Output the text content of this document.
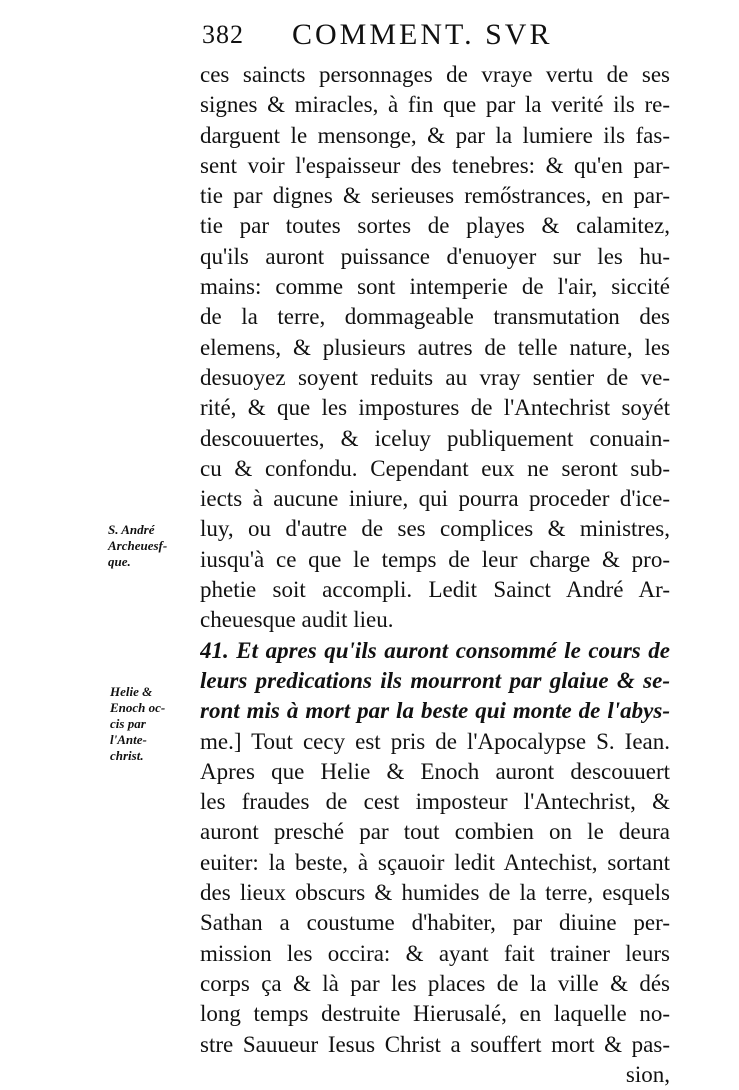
382 COMMENT. SVR
ces saincts personnages de vraye vertu de ses
signes & miracles, à fin que par la verité ils re-
darguent le mensonge, & par la lumiere ils fas-
sent voir l'espaisseur des tenebres: & qu'en par-
tie par dignes & serieuses remőstrances, en par-
tie par toutes sortes de playes & calamitez,
qu'ils auront puissance d'enuoyer sur les hu-
mains: comme sont intemperie de l'air, siccité
de la terre, dommageable transmutation des
elemens, & plusieurs autres de telle nature, les
desuoyez soyent reduits au vray sentier de ve-
rité, & que les impostures de l'Antechrist soyét
descouuertes, & iceluy publiquement conuain-
cu & confondu. Cependant eux ne seront sub-
iects à aucune iniure, qui pourra proceder d'ice-
luy, ou d'autre de ses complices & ministres,
iusqu'à ce que le temps de leur charge & pro-
phetie soit accompli. Ledit Sainct André Ar-
cheuesque audit lieu.
41. Et apres qu'ils auront consommé le cours de
leurs predications ils mourront par glaiue & se-
ront mis à mort par la beste qui monte de l'abys-
me.] Tout cecy est pris de l'Apocalypse S. Iean.
Apres que Helie & Enoch auront descouuert
les fraudes de cest imposteur l'Antechrist, &
auront presché par tout combien on le deura
euiter: la beste, à sçauoir ledit Antechist, sortant
des lieux obscurs & humides de la terre, esquels
Sathan a coustume d'habiter, par diuine per-
mission les occira: & ayant fait trainer leurs
corps ça & là par les places de la ville & dés
long temps destruite Hierusalé, en laquelle no-
stre Sauueur Iesus Christ a souffert mort & pas-
sion,
S. André
Archeuesf-
que.
Helie &
Enoch oc-
cis par
l'Ante-
christ.
